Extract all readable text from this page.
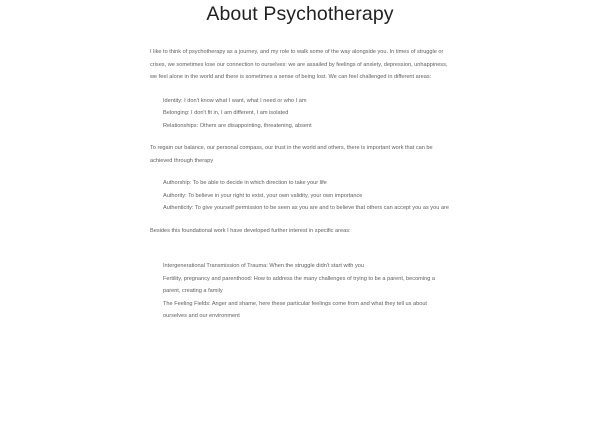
About Psychotherapy

I like to think of psychotherapy as a journey, and my role to walk some of the way alongside you. In times of struggle or crises, we sometimes lose our connection to ourselves: we are assailed by feelings of anxiety, depression, unhappiness, we feel alone in the world and there is sometimes a sense of being lost. We can feel challenged in different areas:

Identity: I don't know what I want, what I need or who I am
Belonging: I don't fit in, I am different, I am isolated
Relationships: Others are disappointing, threatening, absent

To regain our balance, our personal compass, our trust in the world and others, there is important work that can be achieved through therapy

Authorship: To be able to decide in which direction to take your life
Authority: To believe in your right to exist, your own validity, your own importance
Authenticity: To give yourself permission to be seen as you are and to believe that others can accept you as you are

Besides this foundational work I have developed further interest in specific areas:

Intergenerational Transmission of Trauma: When the struggle didn't start with you
Fertility, pregnancy and parenthood: How to address the many challenges of trying to be a parent, becoming a parent, creating a family
The Feeling Fields: Anger and shame, here these particular feelings come from and what they tell us about ourselves and our environment
